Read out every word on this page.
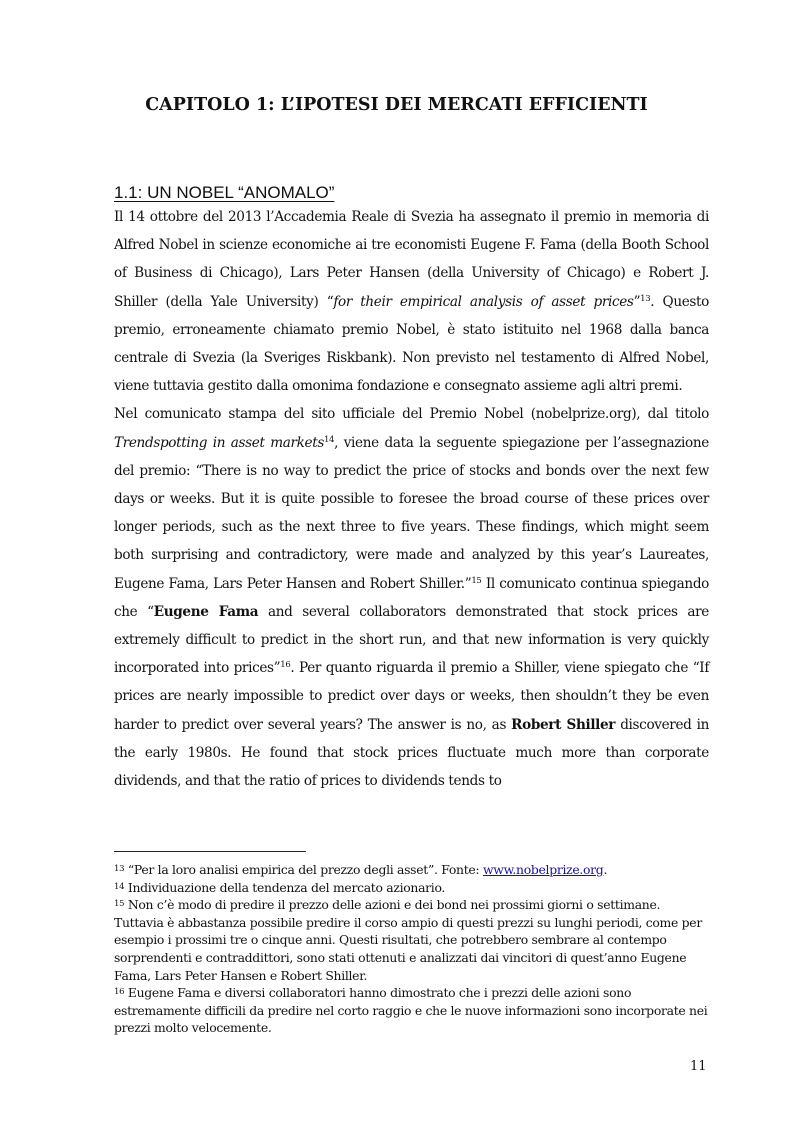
CAPITOLO 1: L’IPOTESI DEI MERCATI EFFICIENTI
1.1: UN NOBEL “ANOMALO”

Il 14 ottobre del 2013 l’Accademia Reale di Svezia ha assegnato il premio in memoria di Alfred Nobel in scienze economiche ai tre economisti Eugene F. Fama (della Booth School of Business di Chicago), Lars Peter Hansen (della University of Chicago) e Robert J. Shiller (della Yale University) “for their empirical analysis of asset prices”$^{13}$. Questo premio, erroneamente chiamato premio Nobel, è stato istituito nel 1968 dalla banca centrale di Svezia (la Sveriges Riskbank). Non previsto nel testamento di Alfred Nobel, viene tuttavia gestito dalla omonima fondazione e consegnato assieme agli altri premi.

Nel comunicato stampa del sito ufficiale del Premio Nobel (nobelprize.org), dal titolo Trendspotting in asset markets$^{14}$, viene data la seguente spiegazione per l’assegnazione del premio: “There is no way to predict the price of stocks and bonds over the next few days or weeks. But it is quite possible to foresee the broad course of these prices over longer periods, such as the next three to five years. These findings, which might seem both surprising and contradictory, were made and analyzed by this year’s Laureates, Eugene Fama, Lars Peter Hansen and Robert Shiller.”$^{15}$ Il comunicato continua spiegando che “Eugene Fama and several collaborators demonstrated that stock prices are extremely difficult to predict in the short run, and that new information is very quickly incorporated into prices”$^{16}$. Per quanto riguarda il premio a Shiller, viene spiegato che “If prices are nearly impossible to predict over days or weeks, then shouldn’t they be even harder to predict over several years? The answer is no, as Robert Shiller discovered in the early 1980s. He found that stock prices fluctuate much more than corporate dividends, and that the ratio of prices to dividends tends to

$^{13}$ “Per la loro analisi empirica del prezzo degli asset”. Fonte: www.nobelprize.org.

$^{14}$ Individuazione della tendenza del mercato azionario.

$^{15}$ Non c’è modo di predire il prezzo delle azioni e dei bond nei prossimi giorni o settimane. Tuttavia è abbastanza possibile predire il corso ampio di questi prezzi su lunghi periodi, come per esempio i prossimi tre o cinque anni. Questi risultati, che potrebbero sembrare al contempo sorprendenti e contraddittori, sono stati ottenuti e analizzati dai vincitori di quest’anno Eugene Fama, Lars Peter Hansen e Robert Shiller.

$^{16}$ Eugene Fama e diversi collaboratori hanno dimostrato che i prezzi delle azioni sono estremamente difficili da predire nel corto raggio e che le nuove informazioni sono incorporate nei prezzi molto velocemente.

11
